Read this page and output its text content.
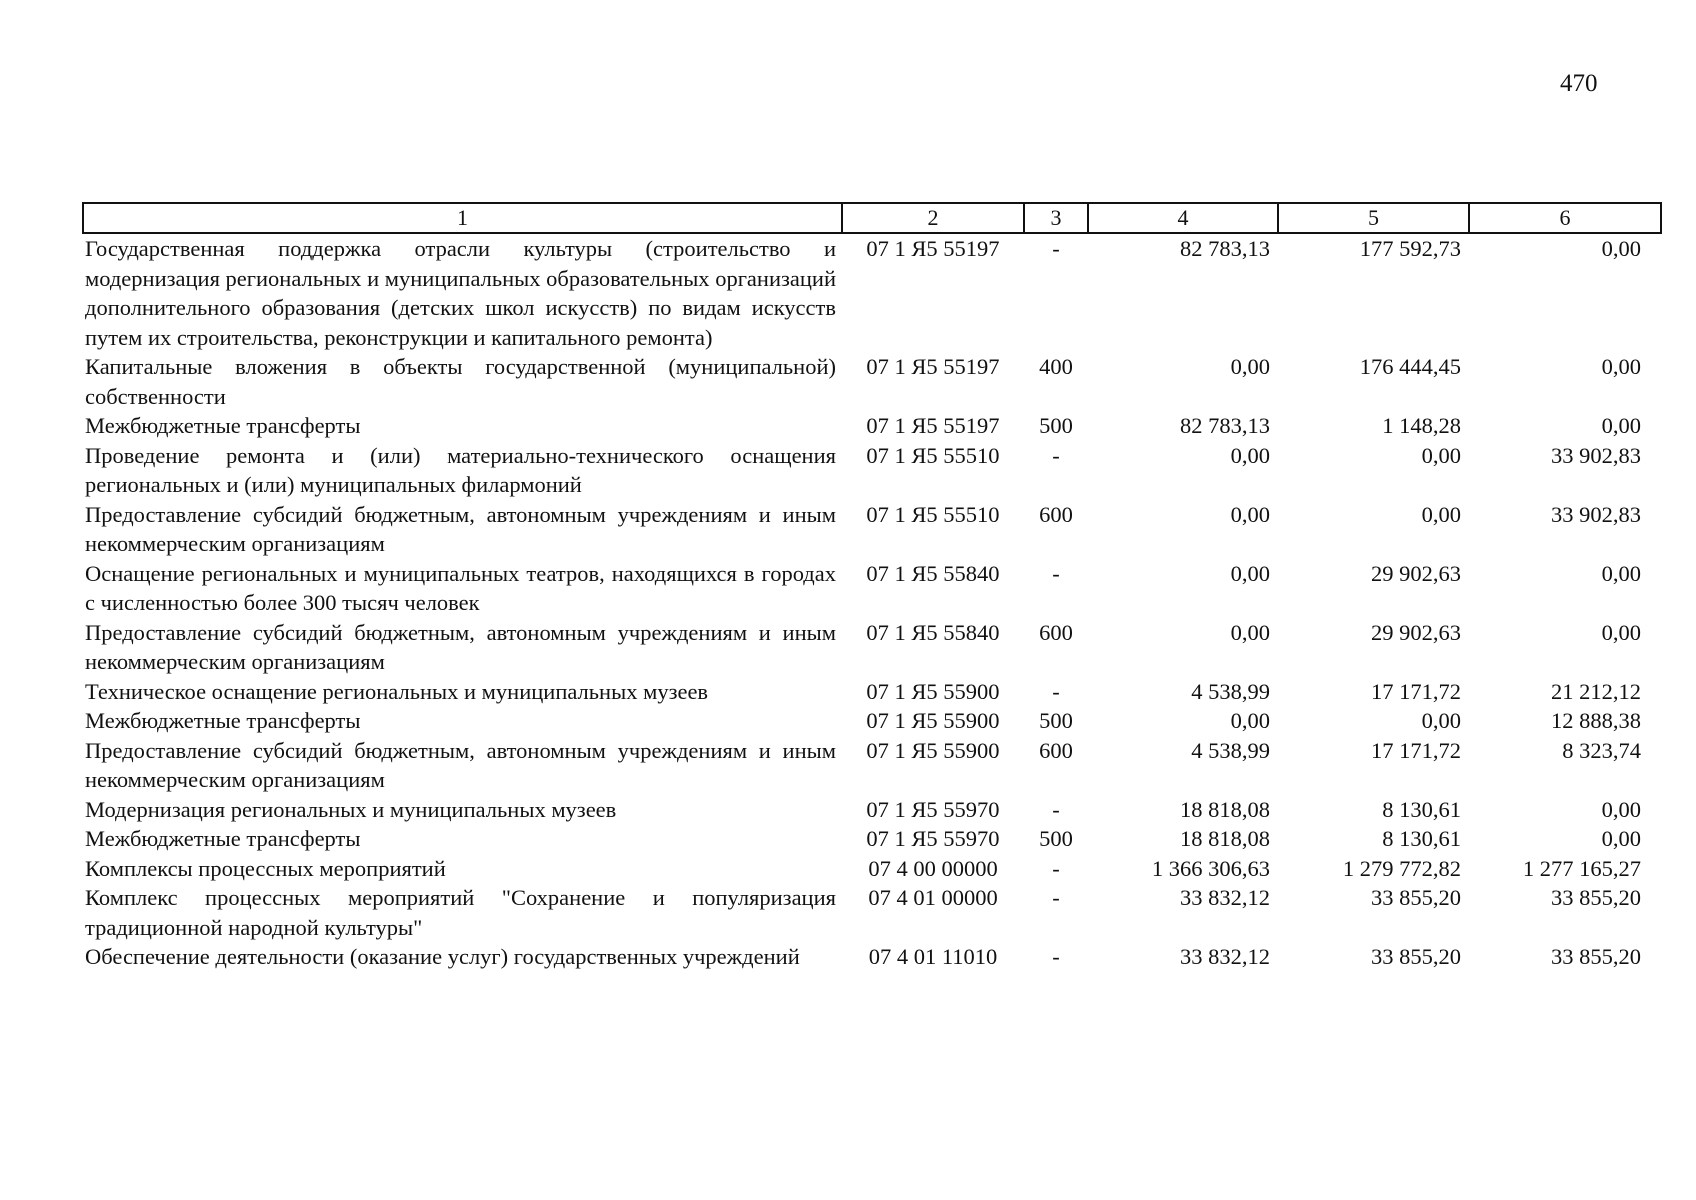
470
1	2	3	4	5	6
Государственная поддержка отрасли культуры (строительство и модернизация региональных и муниципальных образовательных организаций дополнительного образования (детских школ искусств) по видам искусств путем их строительства, реконструкции и капитального ремонта)	07 1 Я5 55197	-	82 783,13	177 592,73	0,00
Капитальные вложения в объекты государственной (муниципальной) собственности	07 1 Я5 55197	400	0,00	176 444,45	0,00
Межбюджетные трансферты	07 1 Я5 55197	500	82 783,13	1 148,28	0,00
Проведение ремонта и (или) материально-технического оснащения региональных и (или) муниципальных филармоний	07 1 Я5 55510	-	0,00	0,00	33 902,83
Предоставление субсидий бюджетным, автономным учреждениям и иным некоммерческим организациям	07 1 Я5 55510	600	0,00	0,00	33 902,83
Оснащение региональных и муниципальных театров, находящихся в городах с численностью более 300 тысяч человек	07 1 Я5 55840	-	0,00	29 902,63	0,00
Предоставление субсидий бюджетным, автономным учреждениям и иным некоммерческим организациям	07 1 Я5 55840	600	0,00	29 902,63	0,00
Техническое оснащение региональных и муниципальных музеев	07 1 Я5 55900	-	4 538,99	17 171,72	21 212,12
Межбюджетные трансферты	07 1 Я5 55900	500	0,00	0,00	12 888,38
Предоставление субсидий бюджетным, автономным учреждениям и иным некоммерческим организациям	07 1 Я5 55900	600	4 538,99	17 171,72	8 323,74
Модернизация региональных и муниципальных музеев	07 1 Я5 55970	-	18 818,08	8 130,61	0,00
Межбюджетные трансферты	07 1 Я5 55970	500	18 818,08	8 130,61	0,00
Комплексы процессных мероприятий	07 4 00 00000	-	1 366 306,63	1 279 772,82	1 277 165,27
Комплекс процессных мероприятий "Сохранение и популяризация традиционной народной культуры"	07 4 01 00000	-	33 832,12	33 855,20	33 855,20
Обеспечение деятельности (оказание услуг) государственных учреждений	07 4 01 11010	-	33 832,12	33 855,20	33 855,20
